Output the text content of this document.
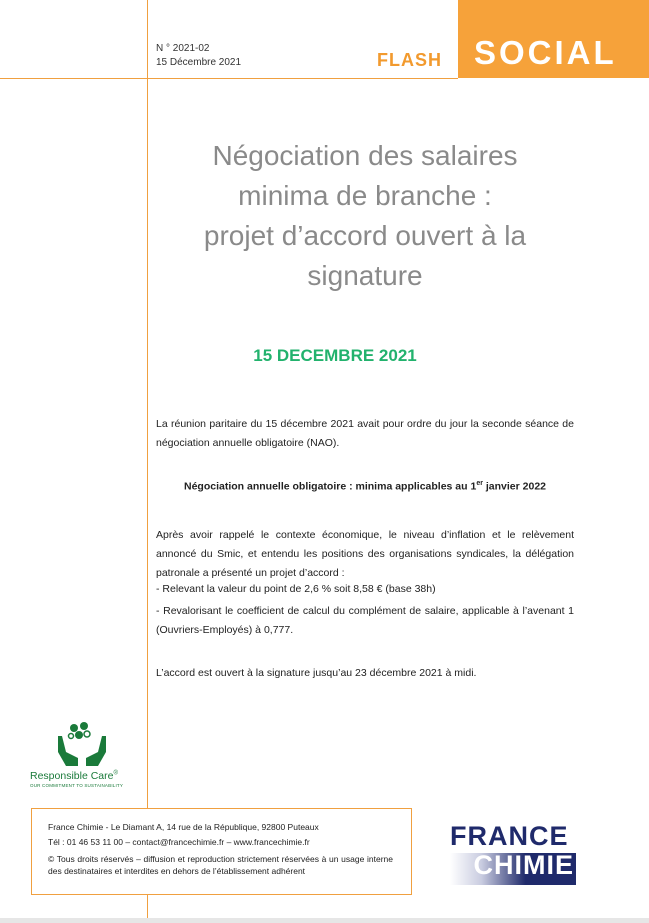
N ° 2021-02
15 Décembre 2021	FLASH SOCIAL
Négociation des salaires
minima de branche :
projet d’accord ouvert à la
signature
15 DECEMBRE 2021
La réunion paritaire du 15 décembre 2021 avait pour ordre du jour la seconde séance de négociation annuelle obligatoire (NAO).
Négociation annuelle obligatoire : minima applicables au 1er janvier 2022
Après avoir rappelé le contexte économique, le niveau d’inflation et le relèvement annoncé du Smic, et entendu les positions des organisations syndicales, la délégation patronale a présenté un projet d’accord :
- Relevant la valeur du point de 2,6 % soit 8,58 € (base 38h)
- Revalorisant le coefficient de calcul du complément de salaire, applicable à l’avenant 1 (Ouvriers-Employés) à 0,777.
L’accord est ouvert à la signature jusqu’au 23 décembre 2021 à midi.
Responsible Care®
OUR COMMITMENT TO SUSTAINABILITY
France Chimie - Le Diamant A, 14 rue de la République, 92800 Puteaux
Tél : 01 46 53 11 00 – contact@francechimie.fr – www.francechimie.fr
© Tous droits réservés – diffusion et reproduction strictement réservées à un usage interne des destinataires et interdites en dehors de l’établissement adhérent
FRANCE
CHIMIE
